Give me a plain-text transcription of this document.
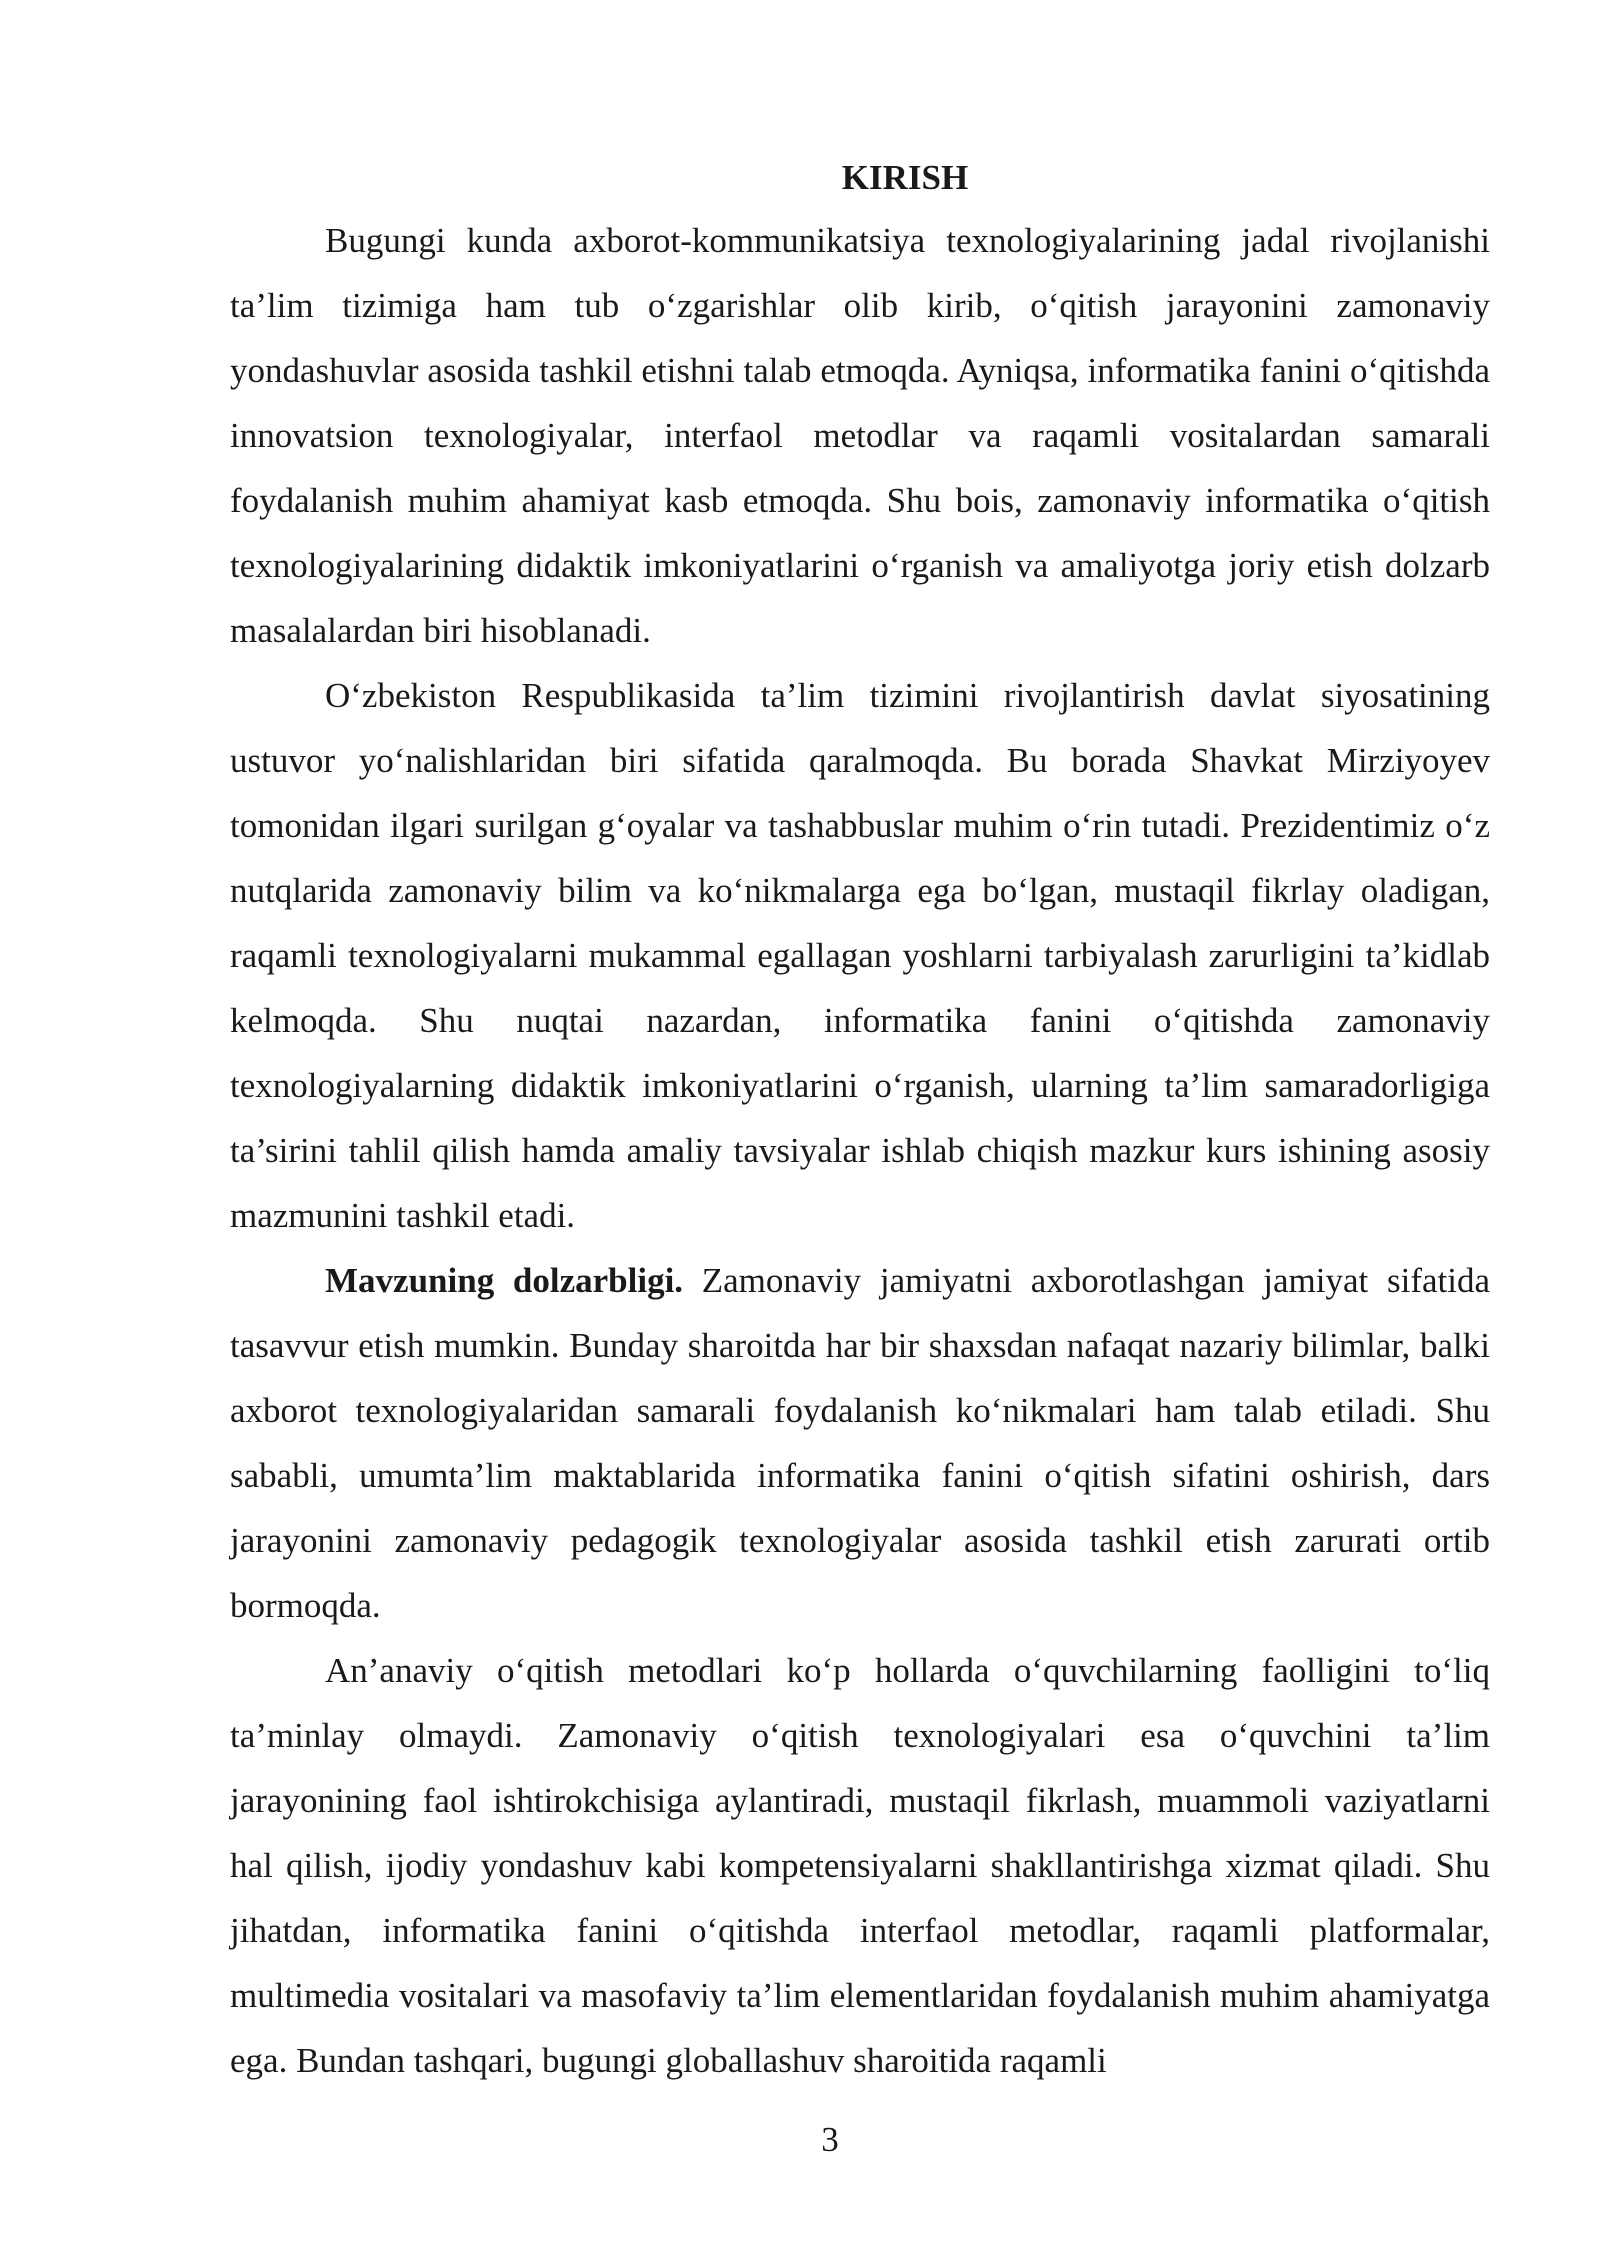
KIRISH

Bugungi kunda axborot-kommunikatsiya texnologiyalarining jadal rivojlanishi ta’lim tizimiga ham tub o‘zgarishlar olib kirib, o‘qitish jarayonini zamonaviy yondashuvlar asosida tashkil etishni talab etmoqda. Ayniqsa, informatika fanini o‘qitishda innovatsion texnologiyalar, interfaol metodlar va raqamli vositalardan samarali foydalanish muhim ahamiyat kasb etmoqda. Shu bois, zamonaviy informatika o‘qitish texnologiyalarining didaktik imkoniyatlarini o‘rganish va amaliyotga joriy etish dolzarb masalalardan biri hisoblanadi.

O‘zbekiston Respublikasida ta’lim tizimini rivojlantirish davlat siyosatining ustuvor yo‘nalishlaridan biri sifatida qaralmoqda. Bu borada Shavkat Mirziyoyev tomonidan ilgari surilgan g‘oyalar va tashabbuslar muhim o‘rin tutadi. Prezidentimiz o‘z nutqlarida zamonaviy bilim va ko‘nikmalarga ega bo‘lgan, mustaqil fikrlay oladigan, raqamli texnologiyalarni mukammal egallagan yoshlarni tarbiyalash zarurligini ta’kidlab kelmoqda. Shu nuqtai nazardan, informatika fanini o‘qitishda zamonaviy texnologiyalarning didaktik imkoniyatlarini o‘rganish, ularning ta’lim samaradorligiga ta’sirini tahlil qilish hamda amaliy tavsiyalar ishlab chiqish mazkur kurs ishining asosiy mazmunini tashkil etadi.

Mavzuning dolzarbligi. Zamonaviy jamiyatni axborotlashgan jamiyat sifatida tasavvur etish mumkin. Bunday sharoitda har bir shaxsdan nafaqat nazariy bilimlar, balki axborot texnologiyalaridan samarali foydalanish ko‘nikmalari ham talab etiladi. Shu sababli, umumta’lim maktablarida informatika fanini o‘qitish sifatini oshirish, dars jarayonini zamonaviy pedagogik texnologiyalar asosida tashkil etish zarurati ortib bormoqda.

An’anaviy o‘qitish metodlari ko‘p hollarda o‘quvchilarning faolligini to‘liq ta’minlay olmaydi. Zamonaviy o‘qitish texnologiyalari esa o‘quvchini ta’lim jarayonining faol ishtirokchisiga aylantiradi, mustaqil fikrlash, muammoli vaziyatlarni hal qilish, ijodiy yondashuv kabi kompetensiyalarni shakllantirishga xizmat qiladi. Shu jihatdan, informatika fanini o‘qitishda interfaol metodlar, raqamli platformalar, multimedia vositalari va masofaviy ta’lim elementlaridan foydalanish muhim ahamiyatga ega. Bundan tashqari, bugungi globallashuv sharoitida raqamli

3
